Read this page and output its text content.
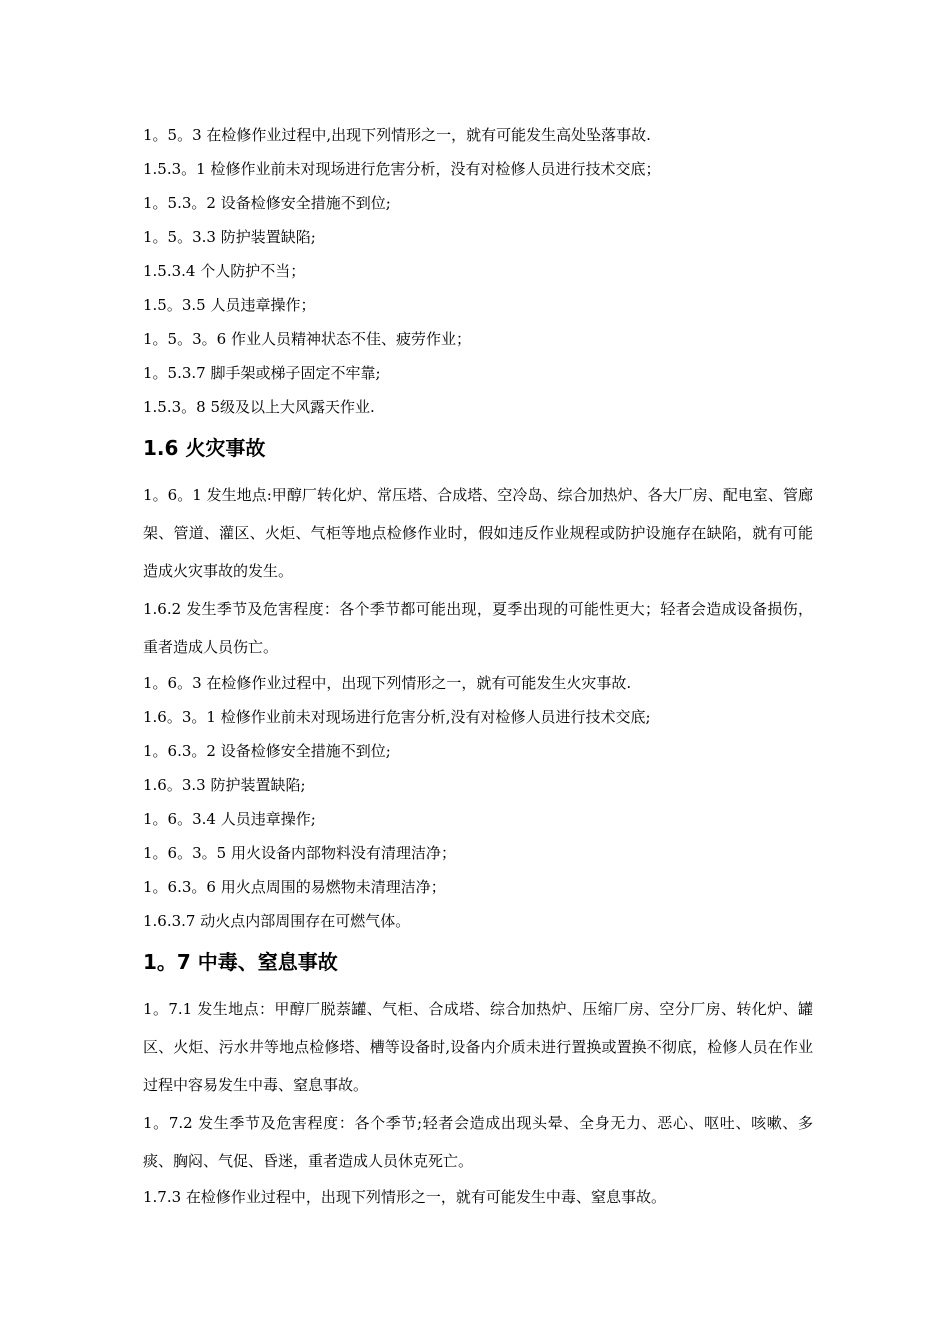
1。5。3 在检修作业过程中,出现下列情形之一，就有可能发生高处坠落事故.
1.5.3。1 检修作业前未对现场进行危害分析，没有对检修人员进行技术交底；
1。5.3。2 设备检修安全措施不到位;
1。5。3.3 防护装置缺陷;
1.5.3.4 个人防护不当；
1.5。3.5 人员违章操作；
1。5。3。6 作业人员精神状态不佳、疲劳作业；
1。5.3.7 脚手架或梯子固定不牢靠;
1.5.3。8 5级及以上大风露天作业.
1.6 火灾事故

1。6。1 发生地点:甲醇厂转化炉、常压塔、合成塔、空冷岛、综合加热炉、各大厂房、配电室、管廊架、管道、灌区、火炬、气柜等地点检修作业时，假如违反作业规程或防护设施存在缺陷，就有可能造成火灾事故的发生。

1.6.2 发生季节及危害程度：各个季节都可能出现，夏季出现的可能性更大；轻者会造成设备损伤，重者造成人员伤亡。

1。6。3 在检修作业过程中，出现下列情形之一，就有可能发生火灾事故.
1.6。3。1 检修作业前未对现场进行危害分析,没有对检修人员进行技术交底;
1。6.3。2 设备检修安全措施不到位;
1.6。3.3 防护装置缺陷;
1。6。3.4 人员违章操作;
1。6。3。5 用火设备内部物料没有清理洁净；
1。6.3。6 用火点周围的易燃物未清理洁净；
1.6.3.7 动火点内部周围存在可燃气体。
1。7 中毒、窒息事故

1。7.1 发生地点：甲醇厂脱萘罐、气柜、合成塔、综合加热炉、压缩厂房、空分厂房、转化炉、罐区、火炬、污水井等地点检修塔、槽等设备时,设备内介质未进行置换或置换不彻底，检修人员在作业过程中容易发生中毒、窒息事故。

1。7.2 发生季节及危害程度：各个季节;轻者会造成出现头晕、全身无力、恶心、呕吐、咳嗽、多痰、胸闷、气促、昏迷，重者造成人员休克死亡。

1.7.3 在检修作业过程中，出现下列情形之一，就有可能发生中毒、窒息事故。
